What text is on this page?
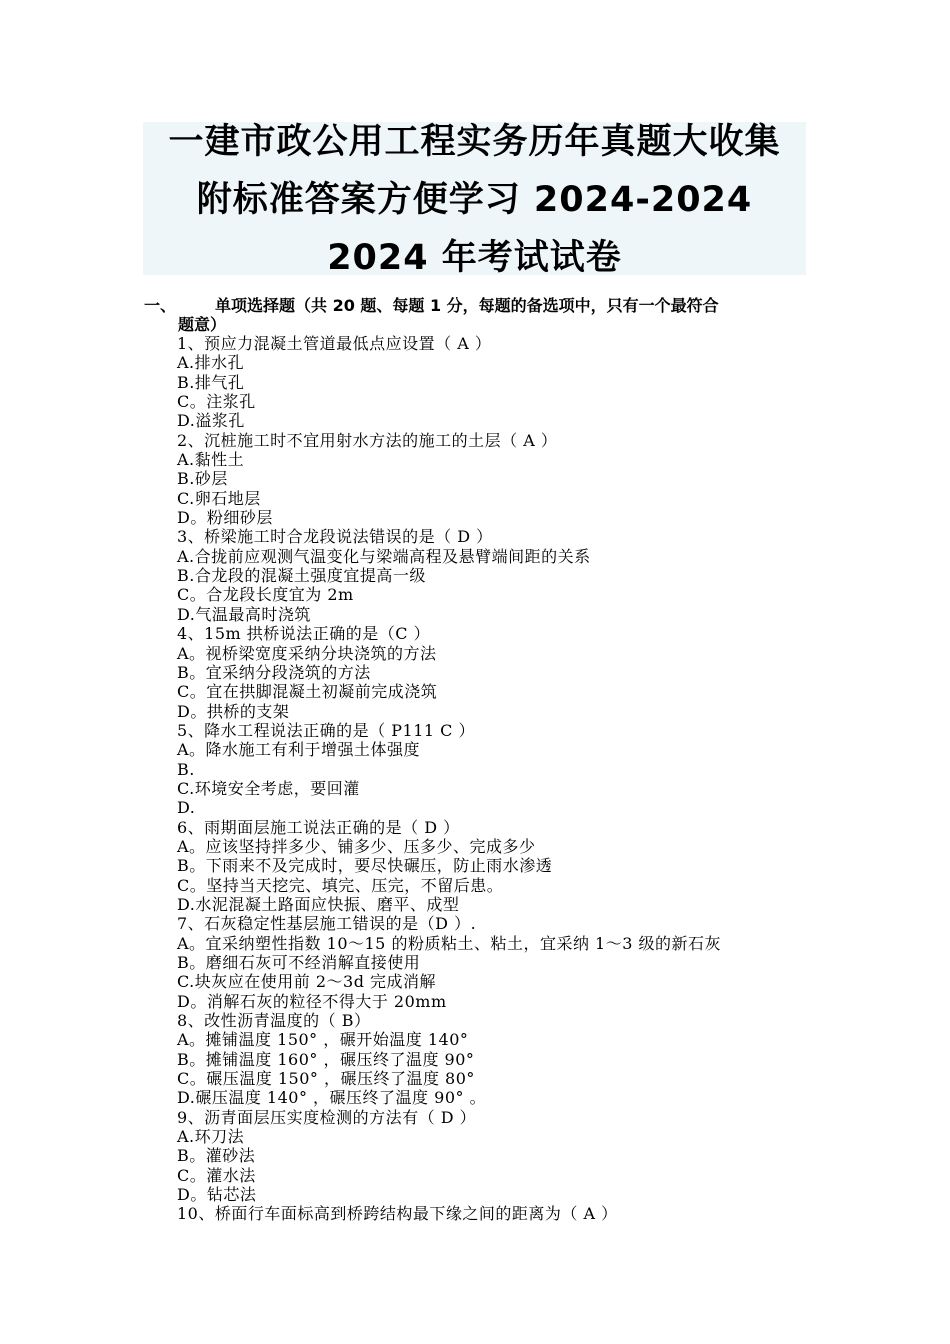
一建市政公用工程实务历年真题大收集
附标准答案方便学习 2024-2024
2024 年考试试卷
一、 单项选择题（共 20 题、每题 1 分，每题的备选项中，只有一个最符合
题意）
1、预应力混凝土管道最低点应设置（ A ）
A.排水孔
B.排气孔
C。注浆孔
D.溢浆孔
2、沉桩施工时不宜用射水方法的施工的土层（ A ）
A.黏性土
B.砂层
C.卵石地层
D。粉细砂层
3、桥梁施工时合龙段说法错误的是（ D ）
A.合拢前应观测气温变化与梁端高程及悬臂端间距的关系
B.合龙段的混凝土强度宜提高一级
C。合龙段长度宜为 2m
D.气温最高时浇筑
4、15m 拱桥说法正确的是（C ）
A。视桥梁宽度采纳分块浇筑的方法
B。宜采纳分段浇筑的方法
C。宜在拱脚混凝土初凝前完成浇筑
D。拱桥的支架
5、降水工程说法正确的是（ P111 C ）
A。降水施工有利于增强土体强度
B.
C.环境安全考虑，要回灌
D.
6、雨期面层施工说法正确的是（ D ）
A。应该坚持拌多少、铺多少、压多少、完成多少
B。下雨来不及完成时，要尽快碾压，防止雨水渗透
C。坚持当天挖完、填完、压完，不留后患。
D.水泥混凝土路面应快振、磨平、成型
7、石灰稳定性基层施工错误的是（D ）.
A。宜采纳塑性指数 10～15 的粉质粘土、粘土，宜采纳 1～3 级的新石灰
B。磨细石灰可不经消解直接使用
C.块灰应在使用前 2～3d 完成消解
D。消解石灰的粒径不得大于 20mm
8、改性沥青温度的（ B）
A。摊铺温度 150° ，碾开始温度 140°
B。摊铺温度 160° ，碾压终了温度 90°
C。碾压温度 150° ，碾压终了温度 80°
D.碾压温度 140° ，碾压终了温度 90° 。
9、沥青面层压实度检测的方法有（ D ）
A.环刀法
B。灌砂法
C。灌水法
D。钻芯法
10、桥面行车面标高到桥跨结构最下缘之间的距离为（ A ）
